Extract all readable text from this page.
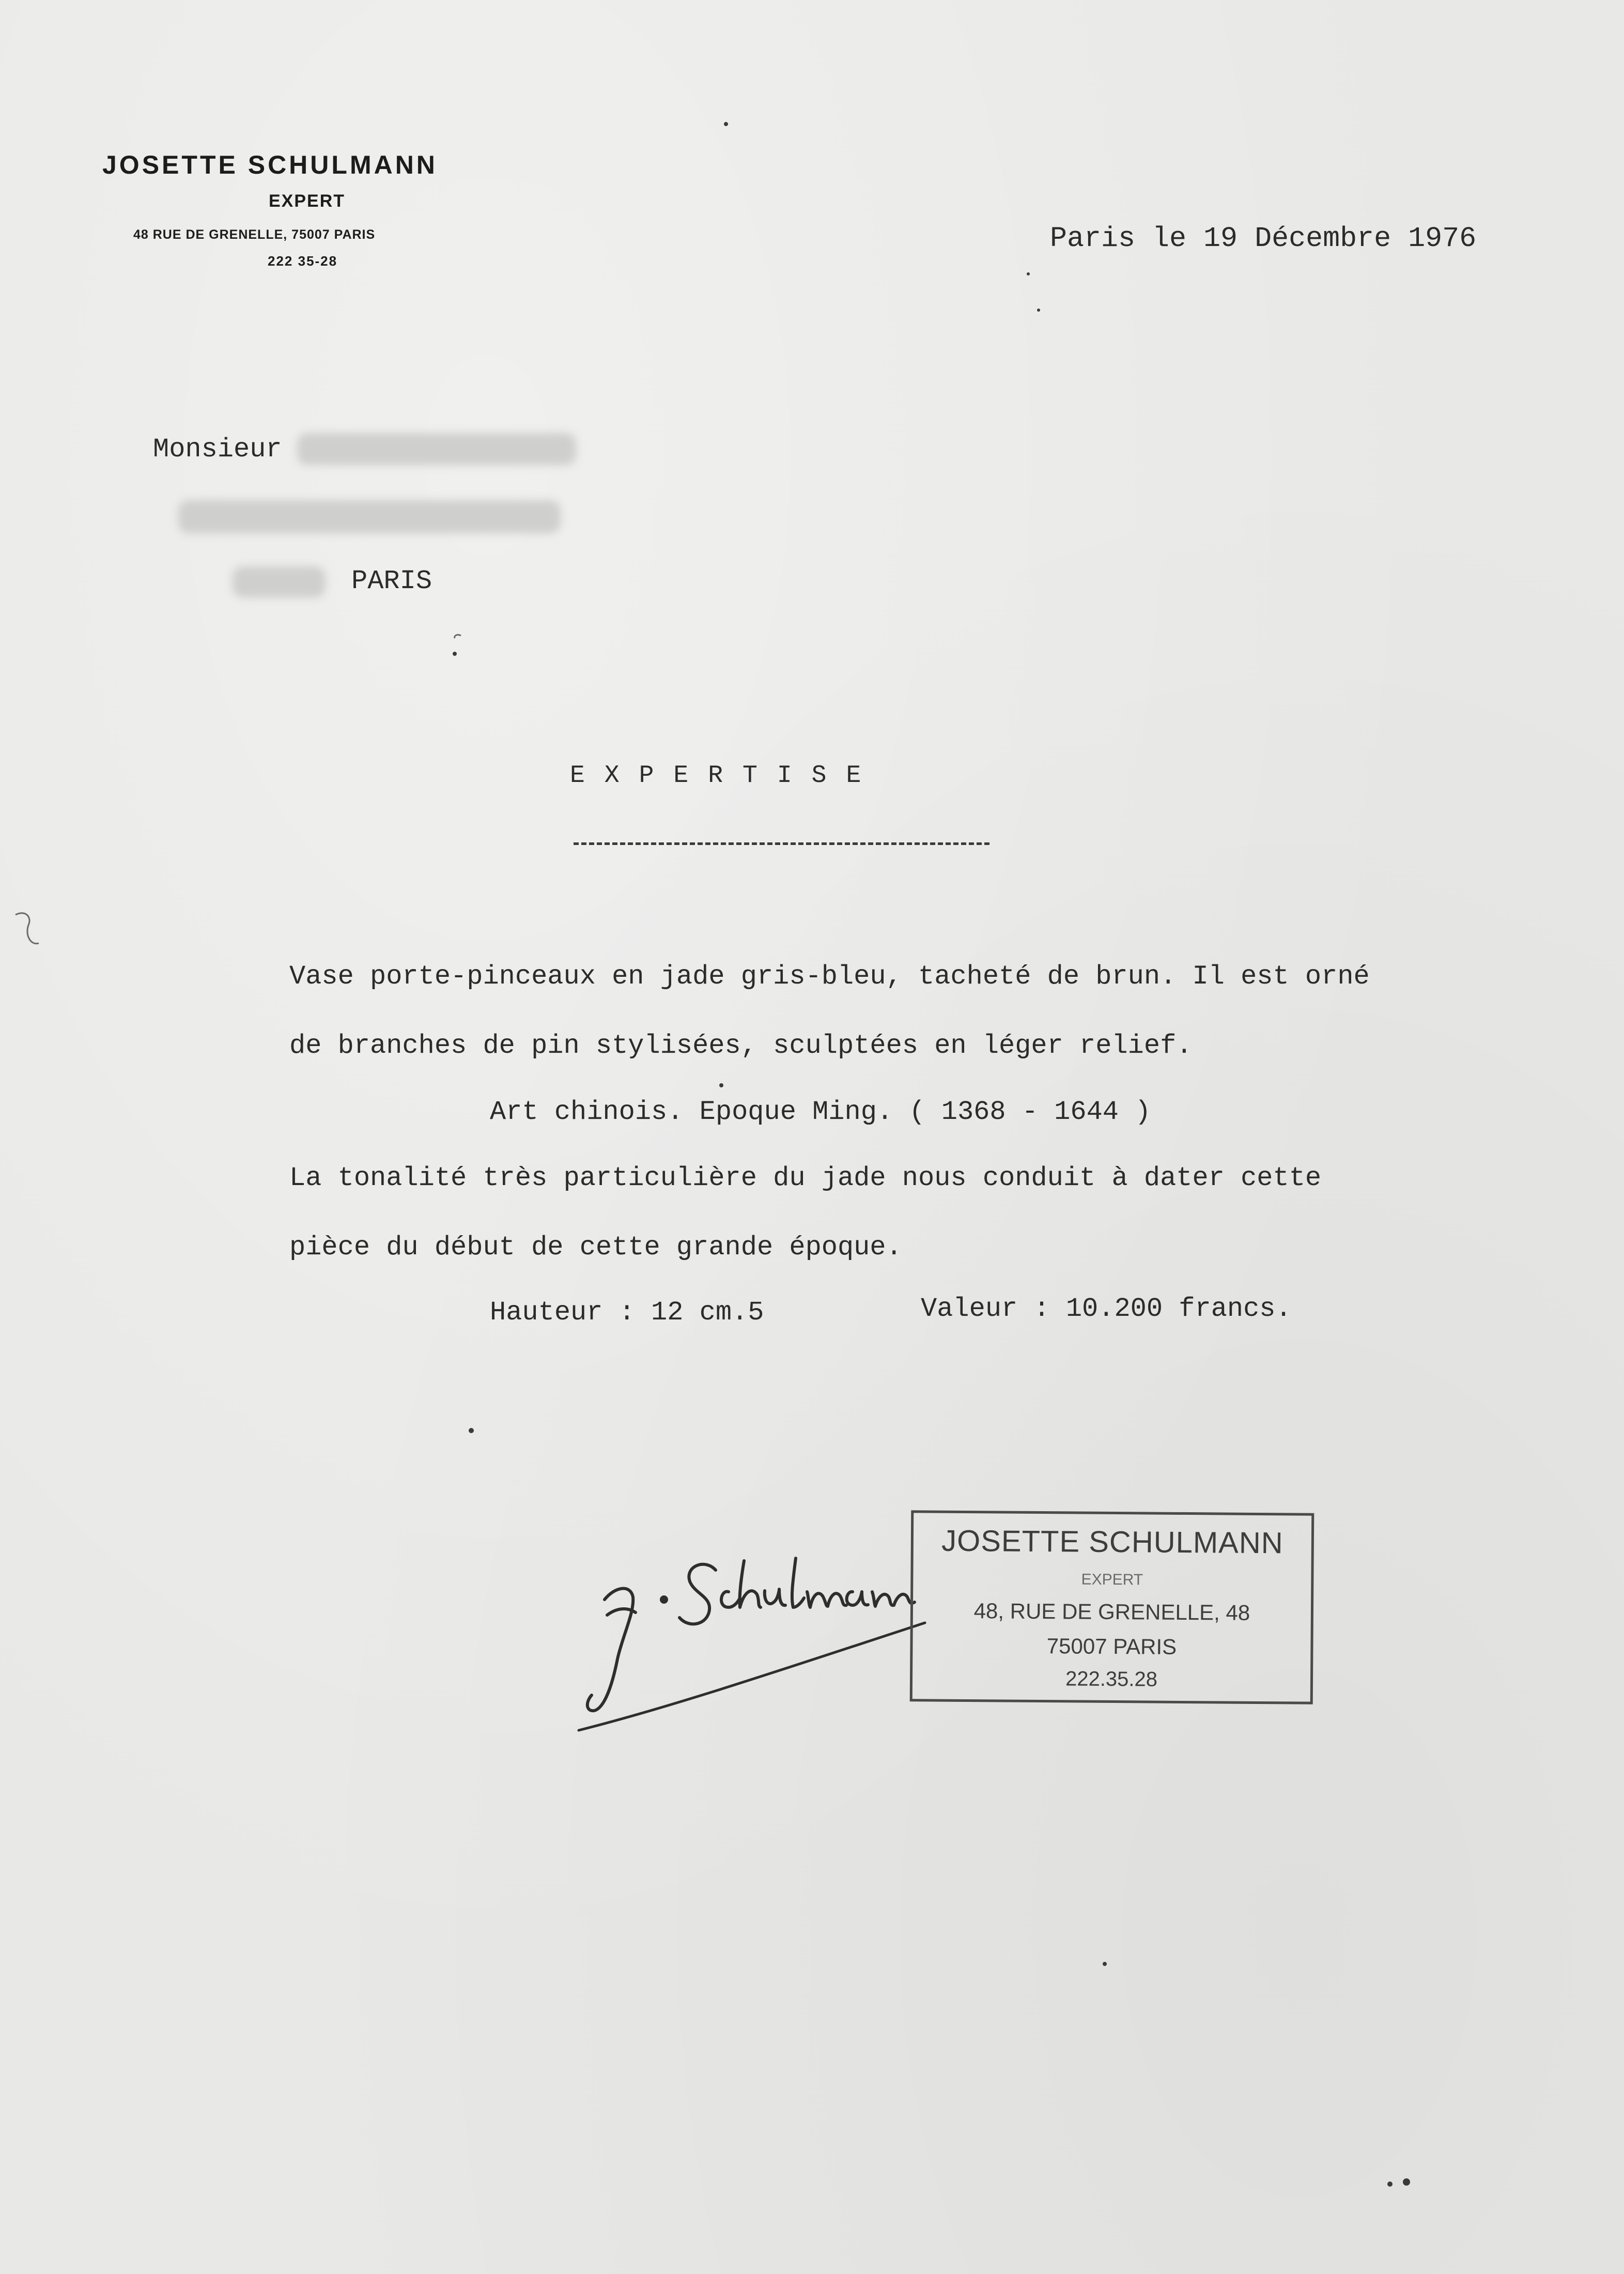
JOSETTE SCHULMANN
EXPERT
48 RUE DE GRENELLE, 75007 PARIS
222 35-28
Paris le 19 Décembre 1976
Monsieur
PARIS
EXPERTISE
Vase porte-pinceaux en jade gris-bleu, tacheté de brun. Il est orné
de branches de pin stylisées, sculptées en léger relief.
Art chinois. Epoque Ming. ( 1368 - 1644 )
La tonalité très particulière du jade nous conduit à dater cette
pièce du début de cette grande époque.
Hauteur : 12 cm.5	Valeur : 10.200 francs.
JOSETTE SCHULMANN
EXPERT
48, RUE DE GRENELLE, 48
75007 PARIS
222.35.28
